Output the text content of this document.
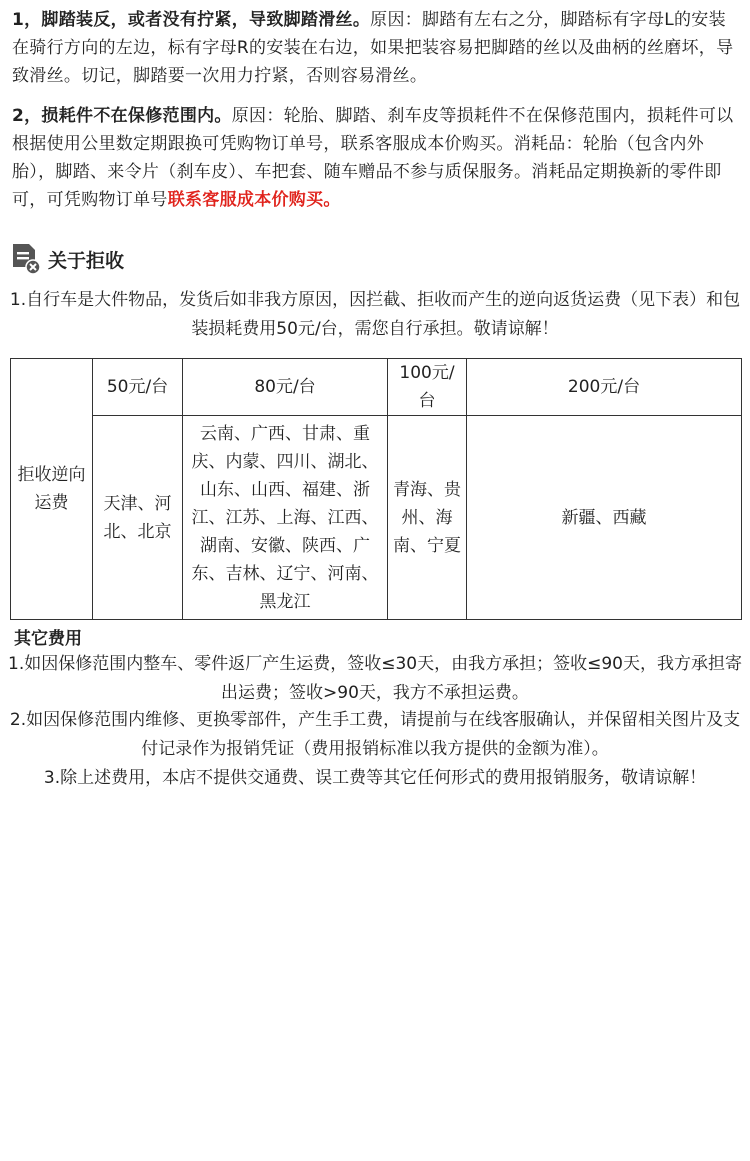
1，脚踏装反，或者没有拧紧，导致脚踏滑丝。原因：脚踏有左右之分，脚踏标有字母L的安装在骑行方向的左边，标有字母R的安装在右边，如果把装容易把脚踏的丝以及曲柄的丝磨坏，导致滑丝。切记，脚踏要一次用力拧紧，否则容易滑丝。

2，损耗件不在保修范围内。原因：轮胎、脚踏、刹车皮等损耗件不在保修范围内，损耗件可以根据使用公里数定期跟换可凭购物订单号，联系客服成本价购买。消耗品：轮胎（包含内外胎），脚踏、来令片（刹车皮）、车把套、随车赠品不参与质保服务。消耗品定期换新的零件即可，可凭购物订单号联系客服成本价购买。

关于拒收

1.自行车是大件物品，发货后如非我方原因，因拦截、拒收而产生的逆向返货运费（见下表）和包装损耗费用50元/台，需您自行承担。敬请谅解！

拒收逆向运费	50元/台	80元/台	100元/台	200元/台
	天津、河北、北京	云南、广西、甘肃、重庆、内蒙、四川、湖北、山东、山西、福建、浙江、江苏、上海、江西、湖南、安徽、陕西、广东、吉林、辽宁、河南、黑龙江	青海、贵州、海南、宁夏	新疆、西藏
其它费用

1.如因保修范围内整车、零件返厂产生运费，签收≤30天，由我方承担；签收≤90天，我方承担寄出运费；签收>90天，我方不承担运费。

2.如因保修范围内维修、更换零部件，产生手工费，请提前与在线客服确认，并保留相关图片及支付记录作为报销凭证（费用报销标准以我方提供的金额为准）。

3.除上述费用，本店不提供交通费、误工费等其它任何形式的费用报销服务，敬请谅解！
